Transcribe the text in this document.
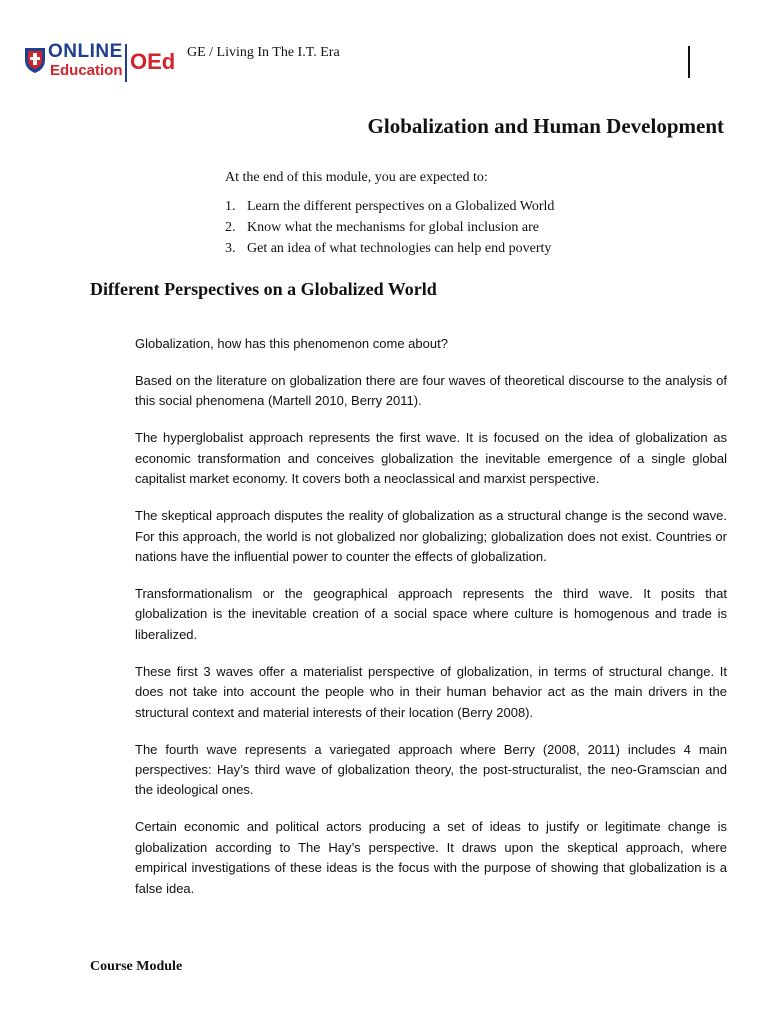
ONLINE
Education OEd GE / Living In The I.T. Era
Globalization and Human Development
At the end of this module, you are expected to:
1. Learn the different perspectives on a Globalized World
2. Know what the mechanisms for global inclusion are
3. Get an idea of what technologies can help end poverty
Different Perspectives on a Globalized World

Globalization, how has this phenomenon come about?

Based on the literature on globalization there are four waves of theoretical discourse to the analysis of this social phenomena (Martell 2010, Berry 2011).

The hyperglobalist approach represents the first wave. It is focused on the idea of globalization as economic transformation and conceives globalization the inevitable emergence of a single global capitalist market economy. It covers both a neoclassical and marxist perspective.

The skeptical approach disputes the reality of globalization as a structural change is the second wave. For this approach, the world is not globalized nor globalizing; globalization does not exist. Countries or nations have the influential power to counter the effects of globalization.

Transformationalism or the geographical approach represents the third wave. It posits that globalization is the inevitable creation of a social space where culture is homogenous and trade is liberalized.

These first 3 waves offer a materialist perspective of globalization, in terms of structural change. It does not take into account the people who in their human behavior act as the main drivers in the structural context and material interests of their location (Berry 2008).

The fourth wave represents a variegated approach where Berry (2008, 2011) includes 4 main perspectives: Hay’s third wave of globalization theory, the post-structuralist, the neo-Gramscian and the ideological ones.

Certain economic and political actors producing a set of ideas to justify or legitimate change is globalization according to The Hay’s perspective. It draws upon the skeptical approach, where empirical investigations of these ideas is the focus with the purpose of showing that globalization is a false idea.

Course Module
